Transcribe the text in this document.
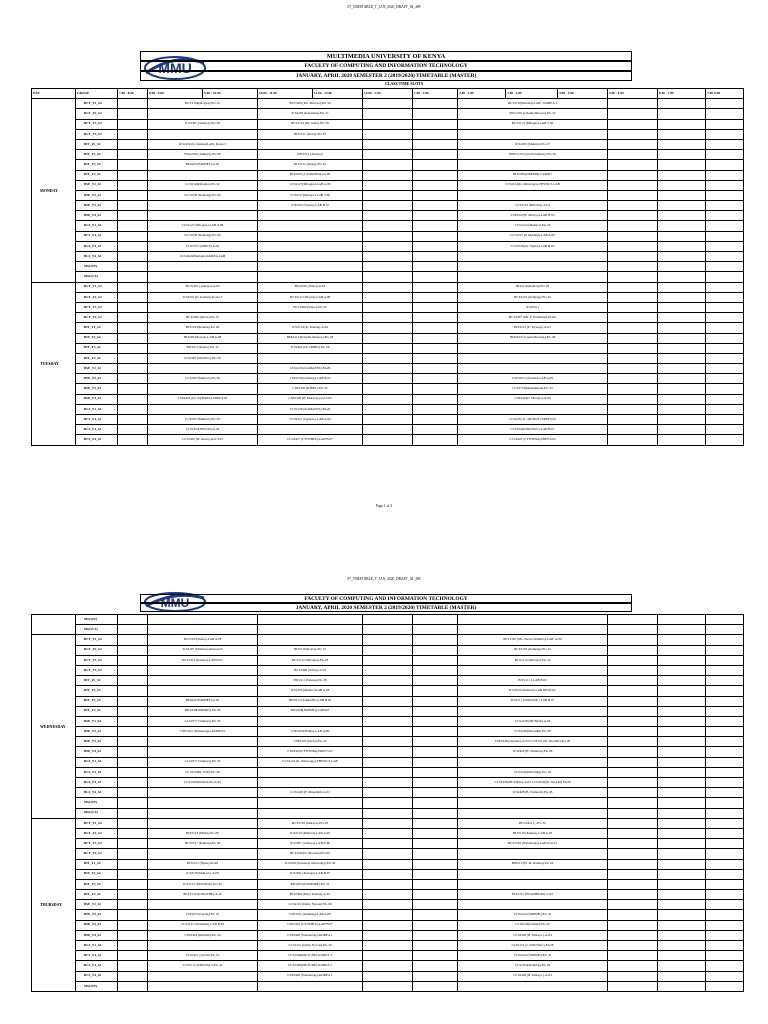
07_TIMETABLE_T_JAN_2020_DRAFT_04_409
MMU
MULTIMEDIA UNIVERSITY OF KENYA
FACULTY OF COMPUTING AND INFORMATION TECHNOLOGY
JANUARY, APRIL 2020 SEMESTER 2 (2019/2020) TIMETABLE (MASTER)
CLASS TIME SLOTS
DAY	GROUP	7:00 - 8:00	8:00 - 9:00	9:00 - 10:00	10:00 - 11:00	11:00 - 12:00	12:00 - 1:00	1:00 - 2:00	2:00 - 3:00	3:00 - 4:00	4:00 - 5:00	5:00 - 6:00	6:00 - 7:00	7:00-8:00
MONDAY	BCT_Y1_S2		BCT2104(Mogire)-EG 32		BCT2201(Ms. Muraya)-EG 30				BCT2105(Masaki)-LAB - KOREA 3					
	BCT_Y2_S2				ICS2203 (K.Kamau)-EG 27				BSU2101 (Chadiz Muraya)-EG 32					
	BCT_Y3_S2		ICS2307 (Adenya)-EG 28		BCT2114 (Dr. Odeo)-EG 26				BCT2113 (Mbogua)-LAB 3.38					
	BCT_Y4_S2				BIT2112 (Kiura)-EG 32									
	BIT_Y1_S2		ICS2102 (K. Kamau)LAB- Korea 3						ICS2203 (Muhavi)-EG 27					
	BIT_Y2_S2		ENG2100 (Sakkiya) EG 08		BIT2214 (Adenya)				HHC2123 (Grevill Ambeto)-EG 26					
	BIT_Y3_S2		BMA2270(KIBET)-A.03		BIT2211 (Kiura)-EG 32									
	BIT_Y4_S2				BIT2109 (I. KARINYA)-A.08				BIT2200(NDEMO)-LAB307					
	BSE_Y1_S2		CCS2124(Mogire)-EG 32		CCS2127(Mbogua)-LAB A.08				CCS2124(K. Omwenga)-PHYSICS LAB					
	BSE_Y2_S2		SCC2238 (Ochieng)-EG 20		CCS2127(Muraya)-LAB 3.38									
	BSE_Y3_S2				CSE2327 (Njeru)-LAB B.07				CCS2722 (NEGOS)-A.04					
	BSE_Y4_S2								CSE2227(B. Muraya)-LAB B.03					
	BCS_Y1_S2		CCS2127 (Mbogua)-LAB A.08						CCS2124 (Muhavi)-EG 29					
	BCS_Y2_S2		SCC2238 (Ochieng)-EG 20						CCS2227 (P. Muriuki)-LAB A.09					
	BCS_Y3_S2		CCS2727 (KIBET)-A.04						CCS2723(Dr. Ngaira)-LAB B.03					
	BCS_Y4_S2		CCS2424(Muriuki)-KOREA LAB											
	MSC(IT)													
	MSC(CS)													
TUESDAY	BCT_Y1_S2		BCT2101 (Adenya)-A.03		BIT2109 (Sasha)-A.04				BIT2110(Kamau)-EG 28					
	BCT_Y2_S2		ICS2201 (K. Kamau)-Korea 3		BCT2117 (Mogire)-LAB A.08				BCT2102 (Ochieng)-EG 32					
	BCT_Y3_S2				BCT2409 (Kiura)-EG 32				ICS2201 (					
	BCT_Y4_S2		BCT2409 (Kiura)-EG 32						BCT2407 (Ms. F. Kaimenyi)-EG29					
	BIT_Y1_S2		BIT2104(Kamau)-EG 28		ICS2114 (K. Kamau)-A.04				BIT2121 (E. Kyengo)-A.03					
	BIT_Y2_S2		BIT2204(Kayaa)-LAB A.08		BMA2114(Chadiz Muraya)-EG 28				BIT2223 (Joseph Mwangi)-EG 28					
	BIT_Y3_S2		BIT2213 (Kiura)-EG 32		ICS2403 (Dr. ODHO)-EG 26									
	BIT_Y4_S2		ICS2303 (OKUKU)-EG 28											
	BSE_Y1_S2				CCS2126 (KAMANYI)-EG29									
	BSE_Y2_S2		CCS2027(Muhavi)-EG 09		CSE2232(Ochieng)-LAB B.03				CSE2225 (Oyando)-LAB A.09					
	BSE_Y3_S2				CSE2326 (KIBET)-EG 32				CCS2723(Muhammad)-EG 32					
	BSE_Y4_S2		CSE2424 (Dr. NTHARA)-PREF.4.03		CSE2429 (B. Muraya)-prof.3.03				CSE2422(J. Obonyo)-A.04					
	BCS_Y1_S2				CCS2126 (KAMANYI)-EG29									
	BCS_Y2_S2		CCS2027(Muhavi)-EG 09		CCS2221 (Oyando)-LAB A.09				CCS2232 (L. MUNGE)-PREF.3.02					
	BCS_Y3_S2		CCS2323(NEGOS)-A.04						CCS2324(NDUNGU)-LAB B.07					
	BCS_Y4_S2		CCS2422 (B. Owen)-prof.3.03		CCS2427 (CYNTHIA)-LAB B.07				CCS2423 (CYNTHIA)-PREF.4.03					
Page 1 of 4
07_TIMETABLE_T_JAN_2020_DRAFT_04_409
MMU	FACULTY OF COMPUTING AND INFORMATION TECHNOLOGY
JANUARY, APRIL 2020 SEMESTER 2 (2019/2020) TIMETABLE (MASTER)
	MSC(IT)									
	MSC(CS)									
WEDNESDAY	BCT_Y1_S2		BCT2105(Sasha)-LAB A.08				BCT2105 (Ms. Teresa Waithira)-LAB- A.09			
	BCT_Y2_S2		ICS2107 (Muhavi)-lab korea3	BIT2110(Kayaa)-EG 32			BCT2103 (Ochieng)-EG 32			
	BCT_Y3_S2		BCT2315 (Kamau)-LAB B.03	BCT2112 (Mbogua)-EG 28			BCT2114 (Muraya)-EG 29			
	BCT_Y4_S2			BCT2408 (Ndolo)-A.03						
	BIT_Y1_S2			BIT2111 (Muasa)-EG 28			BIT2111 (-LAB B.03			
	BIT_Y2_S2			ICS2109 (Muhavi)LAB A.08			ICS2219 (Kubirus)-LAB DIGITAL			
	BIT_Y3_S2		BMA2276(KIBET)-A.03	BIT2215 (KARANI)-LAB B.03			ICS2711 (NDUNGU)-LAB B.07			
	BIT_Y4_S2		BIT2328(NDEMO)-EG 08	BIT2328(NDEMO)-LAB307						
	BSE_Y1_S2		CCS2317 (Sakkiya) EG 02				CCS2128 (MUNGE)-A.04			
	BSE_Y2_S2		CSE2222 (Wanderage)-KOREA3	CSE2223(Ndulo)-LAB A.08			CCS2220(Mwaniki)-EG 28			
	BSE_Y3_S2			CSE2325 (Njeru)-EG 29			CSE2328 (Oyando)-A.03 CCS2722 (Dr. NGARI)-EG 28			
	BSE_Y4_S2			CSE2425(CYNTHIA)-PREF.3.03			ICS2428 (B. Namunii)-EG 08			
	BCS_Y1_S2		CCS2317 (Sakkiya) EG 02	CCS2122 (K. Omwenga)-PHYSICS LAB						
	BCS_Y2_S2		CCS2218(R. ESE)-EG 28				CCS2220(Mwaniki)-EG 28			
	BCS_Y3_S2		CCS2328(NDUNGU)-A.04				CCS2326(MUTIMA)-A.03 CCS2322(Dr. NGARI) EG28			
	BCS_Y4_S2			CCS2429 (F. Mugambi)-A.03			ICS2428 (B. Namunii)-EG 08			
	MSC(IT)									
	MSC(CS)									
THURSDAY	BCT_Y1_S2			BCT2103 (Muraya)-EG 28			BCC2421 (-) EG 32			
	BCT_Y2_S2		BIT2123 (Mutul)-EG 08	ICS2110 (Muhavi)-LAB A.08			BIT2118 (Kamau)-LAB A.03			
	BCT_Y3_S2		BCT2717 (Kamau)-EG 28	ICS2307 (Adenya)-LAB A.08			BCT2329 (Wanderage)-LAB Korea3			
	BCT_Y4_S2			BCT2202(N. Mwanza) EG 02						
	BIT_Y1_S2		BIT2121 (Njeru)-EG28	ICS2200 (Kennedy Omwenga)-EG 20			BIN2113(S. M. Kamau)-EG 28			
	BIT_Y2_S2		ICS2105(Muhavi)- A.08	ICS2201 (Kyengo)-LAB B.07						
	BIT_Y3_S2		ICS2711 (NDUNGU)-EG 32	BIT2203 (KISHORE)-EG 32						
	BIT_Y4_S2		BCT2718 (KINOTHE)-A.29	BIT2304 (Mary Kamau)-A.03			BIT2221 (NDAMBUKI)-A.03			
	BSE_Y1_S2			CCS2121 (Daisy Nyaata) EG 09						
	BSE_Y2_S2		CSE2223 (Oyam)-EG 10	CSE2221 (Ochieng)-LAB A.08			CCS2224 (NDIEMI)-EG 32			
	BSE_Y3_S2		CCS2121 (S.Nduma)-LAB B.03	CSE2329 (CYNTHIA)-LAB B.07			CCS2224(Kamau)-EG 29			
	BSE_Y4_S2		CSE2424 (Kimathi)-EG 29	CSE2426 (Wanderage)-KOREA 1			CCS2428 (B. Muraya )-A.04			
	BCS_Y1_S2			CCS2121 (Daisy Nyaata) EG 29			CCS2121 (J. NDUNGU)-EG28			
	BCS_Y2_S2		CCS2221 (Oyam)-EG 10	CCS2228(MUTUNE)-KOREA 3			CCS2224 (NDIEMI)-EG 32			
	BCS_Y3_S2		CCS2711 (NDUNGU)-EG 32	CCS2328(MUTUNE)-KOREA 2			CCS2324(Kiambu)-EG 29			
	BCS_Y4_S2			CSE2426 (Wanderage)-KOREA 1			CCS2428 (B. Muraya )-A.04			
	MSC(IT)									
